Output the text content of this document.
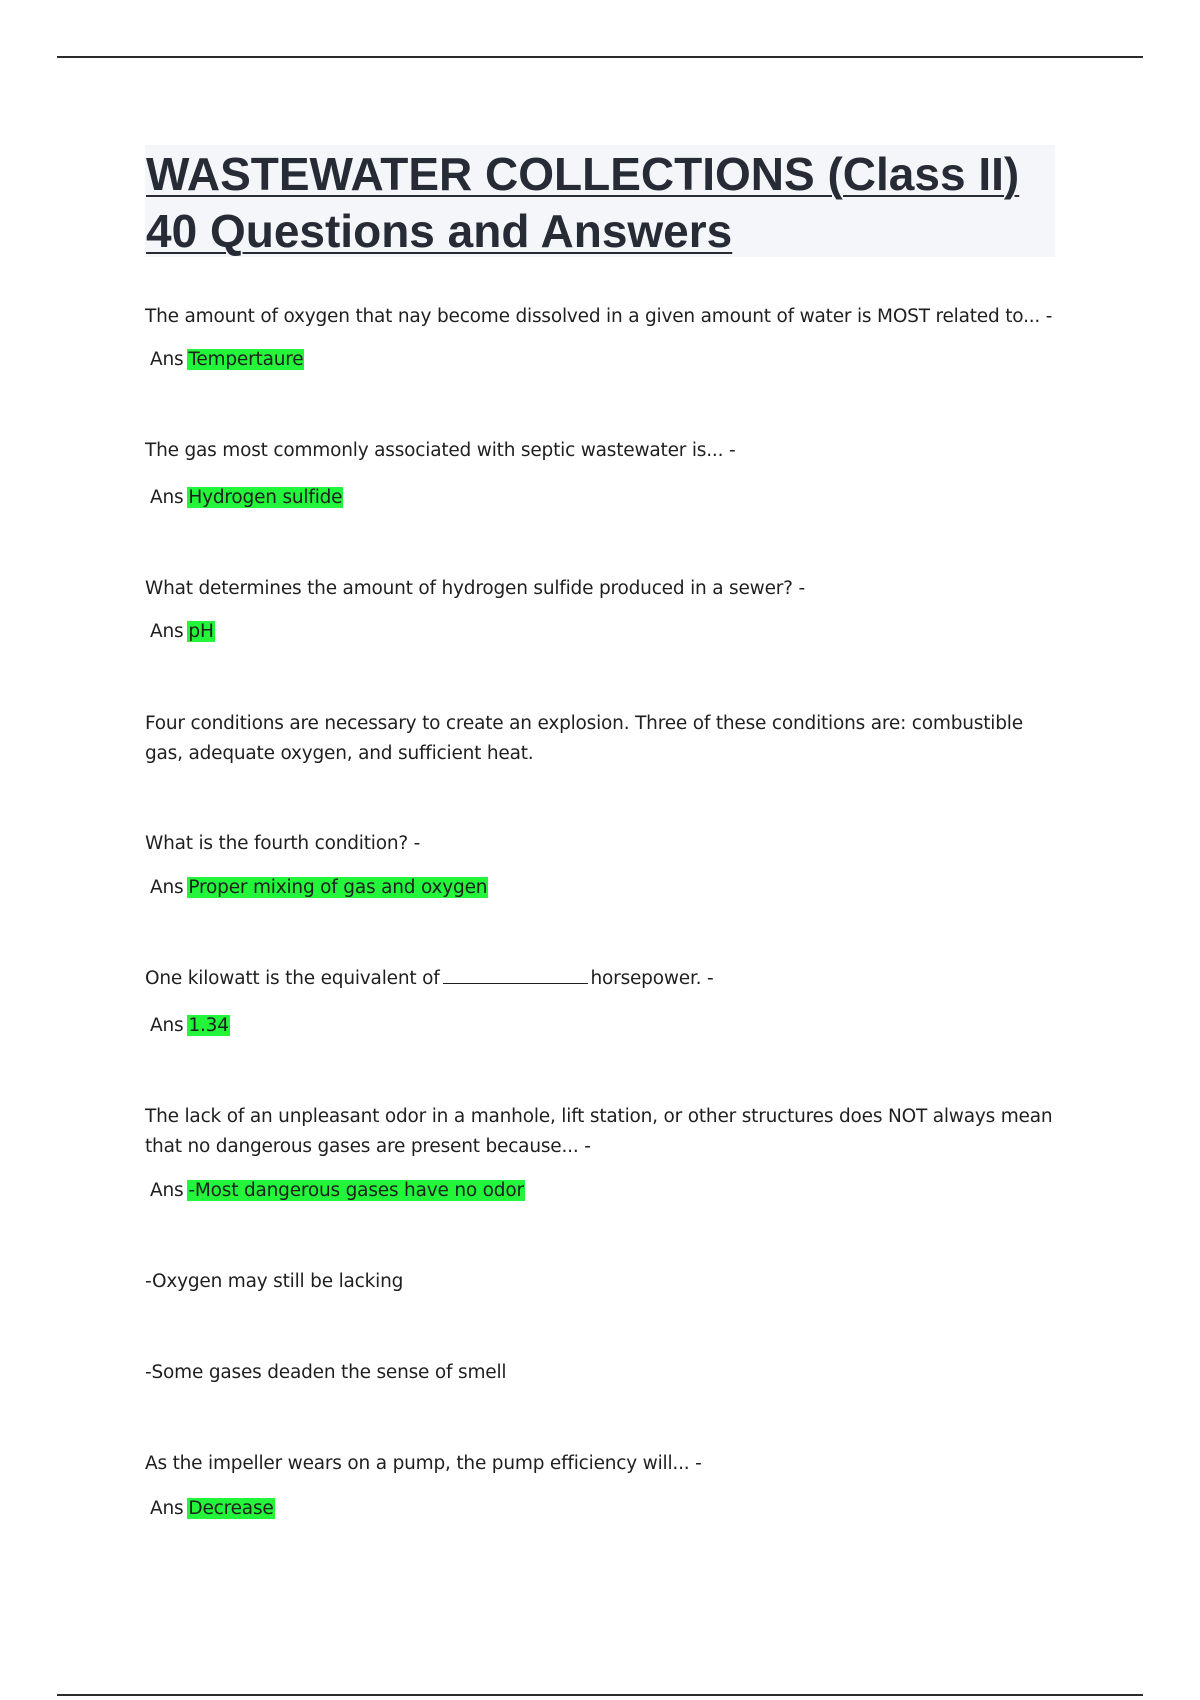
WASTEWATER COLLECTIONS (Class II) 40 Questions and Answers

The amount of oxygen that nay become dissolved in a given amount of water is MOST related to... -

Ans Tempertaure

The gas most commonly associated with septic wastewater is... -

Ans Hydrogen sulfide

What determines the amount of hydrogen sulfide produced in a sewer? -

Ans pH

Four conditions are necessary to create an explosion. Three of these conditions are: combustible gas, adequate oxygen, and sufficient heat.

What is the fourth condition? -

Ans Proper mixing of gas and oxygen

One kilowatt is the equivalent of	horsepower. -

Ans 1.34

The lack of an unpleasant odor in a manhole, lift station, or other structures does NOT always mean that no dangerous gases are present because... -

Ans -Most dangerous gases have no odor

-Oxygen may still be lacking

-Some gases deaden the sense of smell

As the impeller wears on a pump, the pump efficiency will... -

Ans Decrease
